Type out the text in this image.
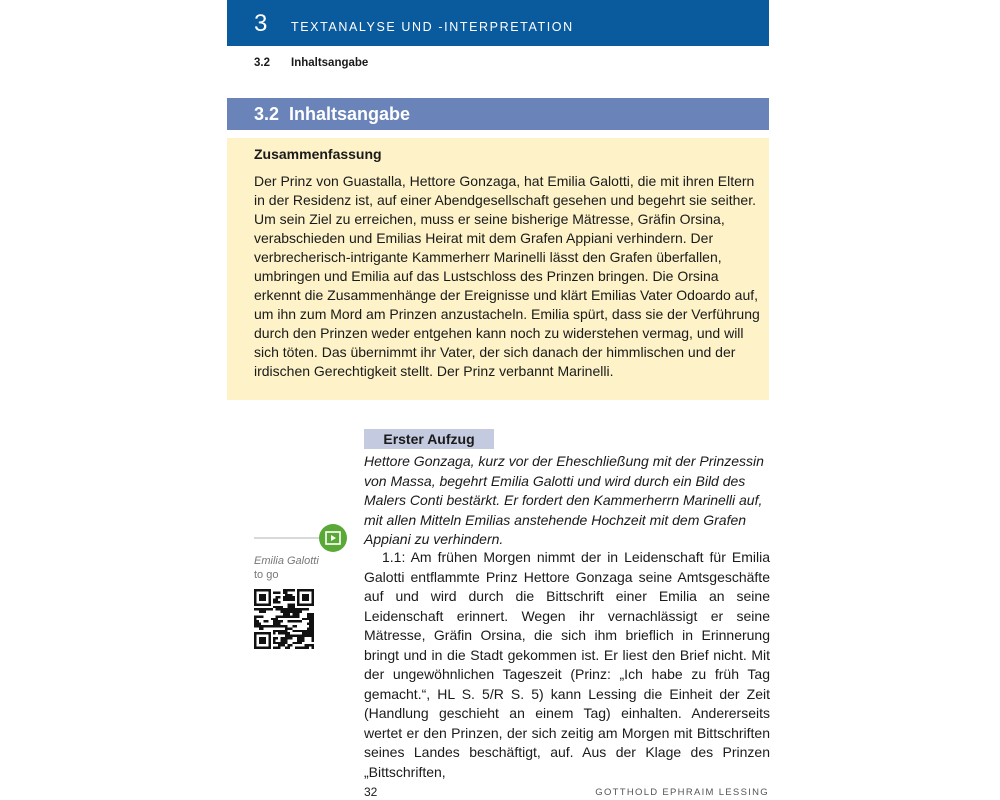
3 TEXTANALYSE UND -INTERPRETATION
3.2 Inhaltsangabe
3.2 Inhaltsangabe
Zusammenfassung

Der Prinz von Guastalla, Hettore Gonzaga, hat Emilia Galotti, die mit ihren Eltern in der Residenz ist, auf einer Abendgesellschaft gesehen und begehrt sie seither. Um sein Ziel zu erreichen, muss er seine bisherige Mätresse, Gräfin Orsina, verabschieden und Emilias Heirat mit dem Grafen Appiani verhindern. Der verbrecherisch-intrigante Kammerherr Marinelli lässt den Grafen überfallen, umbringen und Emilia auf das Lustschloss des Prinzen bringen. Die Orsina erkennt die Zusammenhänge der Ereignisse und klärt Emilias Vater Odoardo auf, um ihn zum Mord am Prinzen anzustacheln. Emilia spürt, dass sie der Verführung durch den Prinzen weder entgehen kann noch zu widerstehen vermag, und will sich töten. Das übernimmt ihr Vater, der sich danach der himmlischen und der irdischen Gerechtigkeit stellt. Der Prinz verbannt Marinelli.

Emilia Galotti
to go
Erster Aufzug

Hettore Gonzaga, kurz vor der Eheschließung mit der Prinzessin von Massa, begehrt Emilia Galotti und wird durch ein Bild des Malers Conti bestärkt. Er fordert den Kammerherrn Marinelli auf, mit allen Mitteln Emilias anstehende Hochzeit mit dem Grafen Appiani zu verhindern.

1.1: Am frühen Morgen nimmt der in Leidenschaft für Emilia Galotti entflammte Prinz Hettore Gonzaga seine Amtsgeschäfte auf und wird durch die Bittschrift einer Emilia an seine Leidenschaft erinnert. Wegen ihr vernachlässigt er seine Mätresse, Gräfin Orsina, die sich ihm brieflich in Erinnerung bringt und in die Stadt gekommen ist. Er liest den Brief nicht. Mit der ungewöhnlichen Tageszeit (Prinz: „Ich habe zu früh Tag gemacht.“, HL S. 5/R S. 5) kann Lessing die Einheit der Zeit (Handlung geschieht an einem Tag) einhalten. Andererseits wertet er den Prinzen, der sich zeitig am Morgen mit Bittschriften seines Landes beschäftigt, auf. Aus der Klage des Prinzen „Bittschriften,

32	GOTTHOLD EPHRAIM LESSING
